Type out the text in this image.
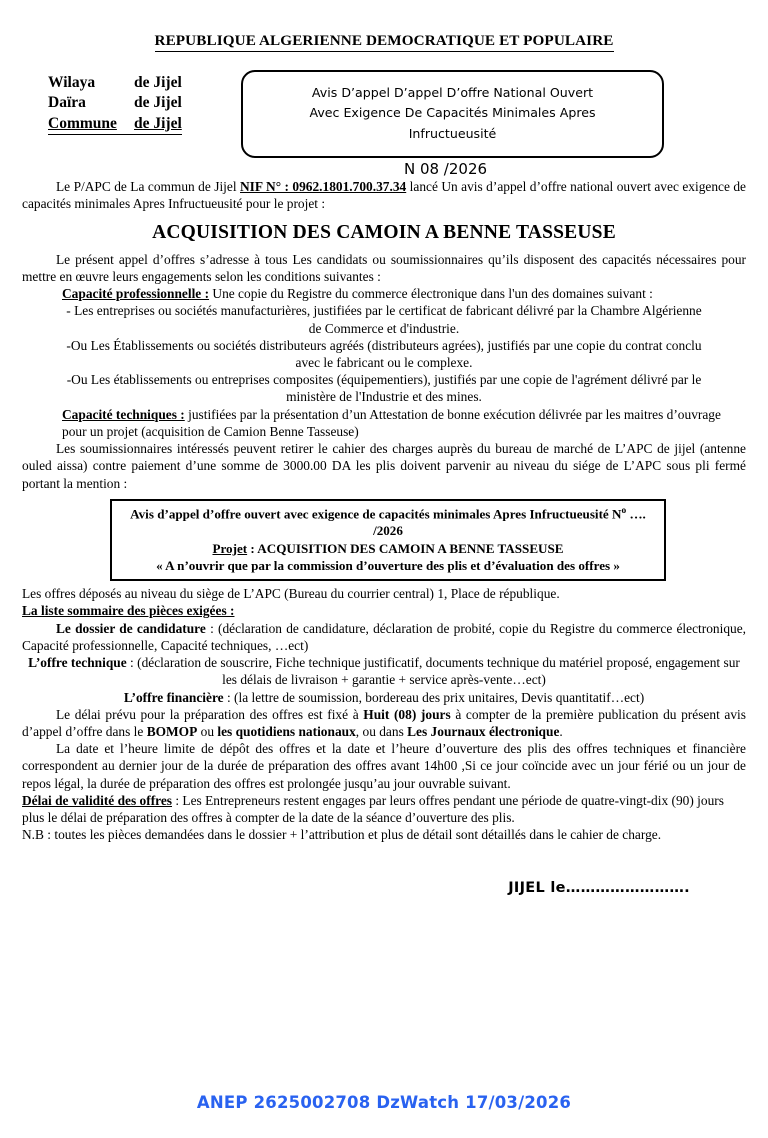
REPUBLIQUE ALGERIENNE DEMOCRATIQUE ET POPULAIRE
Wilaya	de Jijel
Daïra	de Jijel
Commune	de Jijel
Avis D’appel D’appel D’offre National Ouvert
Avec Exigence De Capacités Minimales Apres
Infructueusité
N 08 /2026

Le P/APC de La commun de Jijel NIF N° : 0962.1801.700.37.34 lancé Un avis d’appel d’offre national ouvert avec exigence de capacités minimales Apres Infructueusité pour le projet :

ACQUISITION DES CAMOIN A BENNE TASSEUSE

Le présent appel d’offres s’adresse à tous Les candidats ou soumissionnaires qu’ils disposent des capacités nécessaires pour mettre en œuvre leurs engagements selon les conditions suivantes :

Capacité professionnelle : Une copie du Registre du commerce électronique dans l'un des domaines suivant :

- Les entreprises ou sociétés manufacturières, justifiées par le certificat de fabricant délivré par la Chambre Algérienne de Commerce et d'industrie.

-Ou Les Établissements ou sociétés distributeurs agréés (distributeurs agrées), justifiés par une copie du contrat conclu avec le fabricant ou le complexe.

-Ou Les établissements ou entreprises composites (équipementiers), justifiés par une copie de l'agrément délivré par le ministère de l'Industrie et des mines.

Capacité techniques : justifiées par la présentation d’un Attestation de bonne exécution délivrée par les maitres d’ouvrage pour un projet (acquisition de Camion Benne Tasseuse)

Les soumissionnaires intéressés peuvent retirer le cahier des charges auprès du bureau de marché de L’APC de jijel (antenne ouled aissa) contre paiement d’une somme de 3000.00 DA les plis doivent parvenir au niveau du siége de L’APC sous pli fermé portant la mention :

Avis d’appel d’offre ouvert avec exigence de capacités minimales Apres Infructueusité $N^o$ …. /2026
Projet : ACQUISITION DES CAMOIN A BENNE TASSEUSE
« A n’ouvrir que par la commission d’ouverture des plis et d’évaluation des offres »

Les offres déposés au niveau du siège de L’APC (Bureau du courrier central) 1, Place de république.

La liste sommaire des pièces exigées :

Le dossier de candidature : (déclaration de candidature, déclaration de probité, copie du Registre du commerce électronique, Capacité professionnelle, Capacité techniques, …ect)

L’offre technique : (déclaration de souscrire, Fiche technique justificatif, documents technique du matériel proposé, engagement sur les délais de livraison + garantie + service après-vente…ect)

L’offre financière : (la lettre de soumission, bordereau des prix unitaires, Devis quantitatif…ect)

Le délai prévu pour la préparation des offres est fixé à Huit (08) jours à compter de la première publication du présent avis d’appel d’offre dans le BOMOP ou les quotidiens nationaux, ou dans Les Journaux électronique.

La date et l’heure limite de dépôt des offres et la date et l’heure d’ouverture des plis des offres techniques et financière correspondent au dernier jour de la durée de préparation des offres avant 14h00 ,Si ce jour coïncide avec un jour férié ou un jour de repos légal, la durée de préparation des offres est prolongée jusqu’au jour ouvrable suivant.

Délai de validité des offres : Les Entrepreneurs restent engages par leurs offres pendant une période de quatre-vingt-dix (90) jours plus le délai de préparation des offres à compter de la date de la séance d’ouverture des plis.

N.B : toutes les pièces demandées dans le dossier + l’attribution et plus de détail sont détaillés dans le cahier de charge.

JIJEL le…………………….
ANEP 2625002708 DzWatch 17/03/2026
